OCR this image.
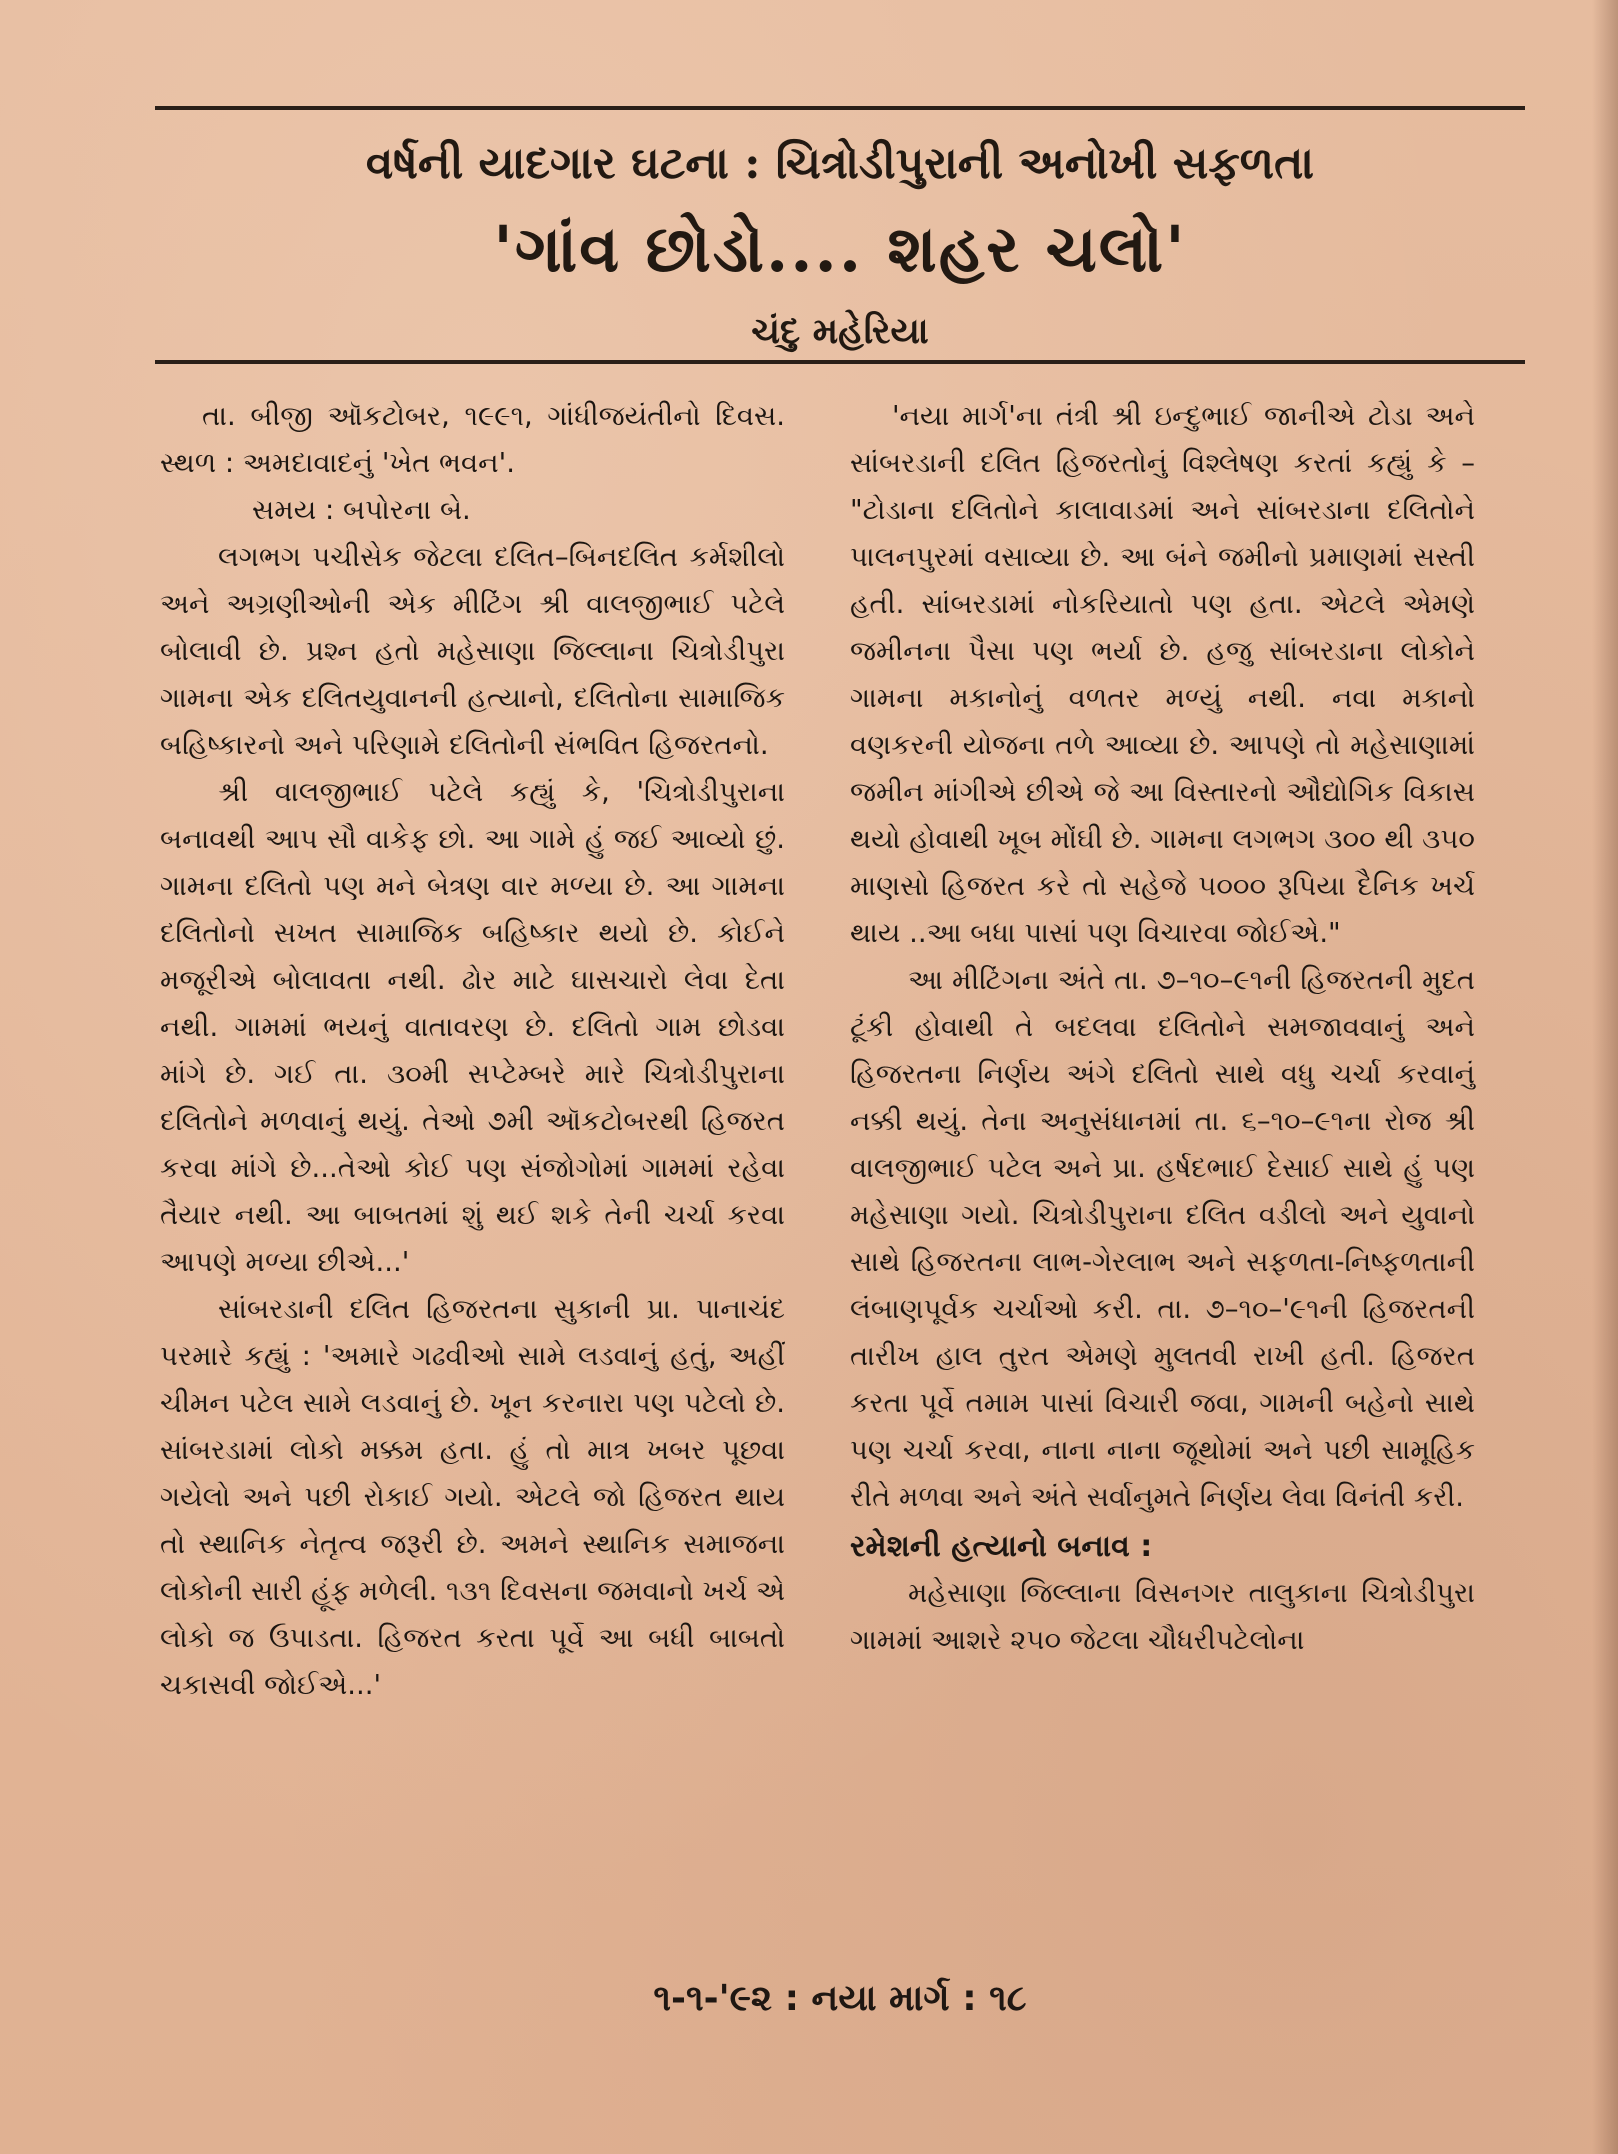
વર્ષની યાદગાર ઘટના : ચિત્રોડીપુરાની અનોખી સફળતા
'ગાંવ છોડો.... શહર ચલો'
ચંદુ મહેરિયા

તા. બીજી ઑકટોબર, ૧૯૯૧, ગાંધીજયંતીનો દિવસ. સ્થળ : અમદાવાદનું 'ખેત ભવન'.

સમય : બપોરના બે.

લગભગ પચીસેક જેટલા દલિત–બિનદલિત કર્મશીલો અને અગ્રણીઓની એક મીટિંગ શ્રી વાલજીભાઈ પટેલે બોલાવી છે. પ્રશ્ન હતો મહેસાણા જિલ્લાના ચિત્રોડીપુરા ગામના એક દલિતયુવાનની હત્યાનો, દલિતોના સામાજિક બહિષ્કારનો અને પરિણામે દલિતોની સંભવિત હિજરતનો.

શ્રી વાલજીભાઈ પટેલે કહ્યું કે, 'ચિત્રોડીપુરાના બનાવથી આપ સૌ વાકેફ છો. આ ગામે હું જઈ આવ્યો છું. ગામના દલિતો પણ મને બેત્રણ વાર મળ્યા છે. આ ગામના દલિતોનો સખત સામાજિક બહિષ્કાર થયો છે. કોઈને મજૂરીએ બોલાવતા નથી. ઢોર માટે ઘાસચારો લેવા દેતા નથી. ગામમાં ભયનું વાતાવરણ છે. દલિતો ગામ છોડવા માંગે છે. ગઈ તા. ૩૦મી સપ્ટેમ્બરે મારે ચિત્રોડીપુરાના દલિતોને મળવાનું થયું. તેઓ ૭મી ઑકટોબરથી હિજરત કરવા માંગે છે...તેઓ કોઈ પણ સંજોગોમાં ગામમાં રહેવા તૈયાર નથી. આ બાબતમાં શું થઈ શકે તેની ચર્ચા કરવા આપણે મળ્યા છીએ...'

સાંબરડાની દલિત હિજરતના સુકાની પ્રા. પાનાચંદ પરમારે કહ્યું : 'અમારે ગઢવીઓ સામે લડવાનું હતું, અહીં ચીમન પટેલ સામે લડવાનું છે. ખૂન કરનારા પણ પટેલો છે. સાંબરડામાં લોકો મક્કમ હતા. હું તો માત્ર ખબર પૂછવા ગયેલો અને પછી રોકાઈ ગયો. એટલે જો હિજરત થાય તો સ્થાનિક નેતૃત્વ જરૂરી છે. અમને સ્થાનિક સમાજના લોકોની સારી હૂંફ મળેલી. ૧૩૧ દિવસના જમવાનો ખર્ચ એ લોકો જ ઉપાડતા. હિજરત કરતા પૂર્વે આ બધી બાબતો ચકાસવી જોઈએ...'

'નયા માર્ગ'ના તંત્રી શ્રી ઇન્દુભાઈ જાનીએ ટોડા અને સાંબરડાની દલિત હિજરતોનું વિશ્લેષણ કરતાં કહ્યું કે – "ટોડાના દલિતોને કાલાવાડમાં અને સાંબરડાના દલિતોને પાલનપુરમાં વસાવ્યા છે. આ બંને જમીનો પ્રમાણમાં સસ્તી હતી. સાંબરડામાં નોકરિયાતો પણ હતા. એટલે એમણે જમીનના પૈસા પણ ભર્યા છે. હજુ સાંબરડાના લોકોને ગામના મકાનોનું વળતર મળ્યું નથી. નવા મકાનો વણકરની યોજના તળે આવ્યા છે. આપણે તો મહેસાણામાં જમીન માંગીએ છીએ જે આ વિસ્તારનો ઔદ્યોગિક વિકાસ થયો હોવાથી ખૂબ મોંઘી છે. ગામના લગભગ ૩૦૦ થી ૩૫૦ માણસો હિજરત કરે તો સહેજે ૫૦૦૦ રૂપિયા દૈનિક ખર્ચ થાય ..આ બધા પાસાં પણ વિચારવા જોઈએ."

આ મીટિંગના અંતે તા. ૭–૧૦–૯૧ની હિજરતની મુદત ટૂંકી હોવાથી તે બદલવા દલિતોને સમજાવવાનું અને હિજરતના નિર્ણય અંગે દલિતો સાથે વધુ ચર્ચા કરવાનું નક્કી થયું. તેના અનુસંધાનમાં તા. ૬–૧૦–૯૧ના રોજ શ્રી વાલજીભાઈ પટેલ અને પ્રા. હર્ષદભાઈ દેસાઈ સાથે હું પણ મહેસાણા ગયો. ચિત્રોડીપુરાના દલિત વડીલો અને યુવાનો સાથે હિજરતના લાભ-ગેરલાભ અને સફળતા-નિષ્ફળતાની લંબાણપૂર્વક ચર્ચાઓ કરી. તા. ૭–૧૦–'૯૧ની હિજરતની તારીખ હાલ તુરત એમણે મુલતવી રાખી હતી. હિજરત કરતા પૂર્વે તમામ પાસાં વિચારી જવા, ગામની બહેનો સાથે પણ ચર્ચા કરવા, નાના નાના જૂથોમાં અને પછી સામૂહિક રીતે મળવા અને અંતે સર્વાનુમતે નિર્ણય લેવા વિનંતી કરી.

રમેશની હત્યાનો બનાવ :

મહેસાણા જિલ્લાના વિસનગર તાલુકાના ચિત્રોડીપુરા ગામમાં આશરે ૨૫૦ જેટલા ચૌધરીપટેલોના

૧-૧-'૯૨ : નયા માર્ગ : ૧૮
